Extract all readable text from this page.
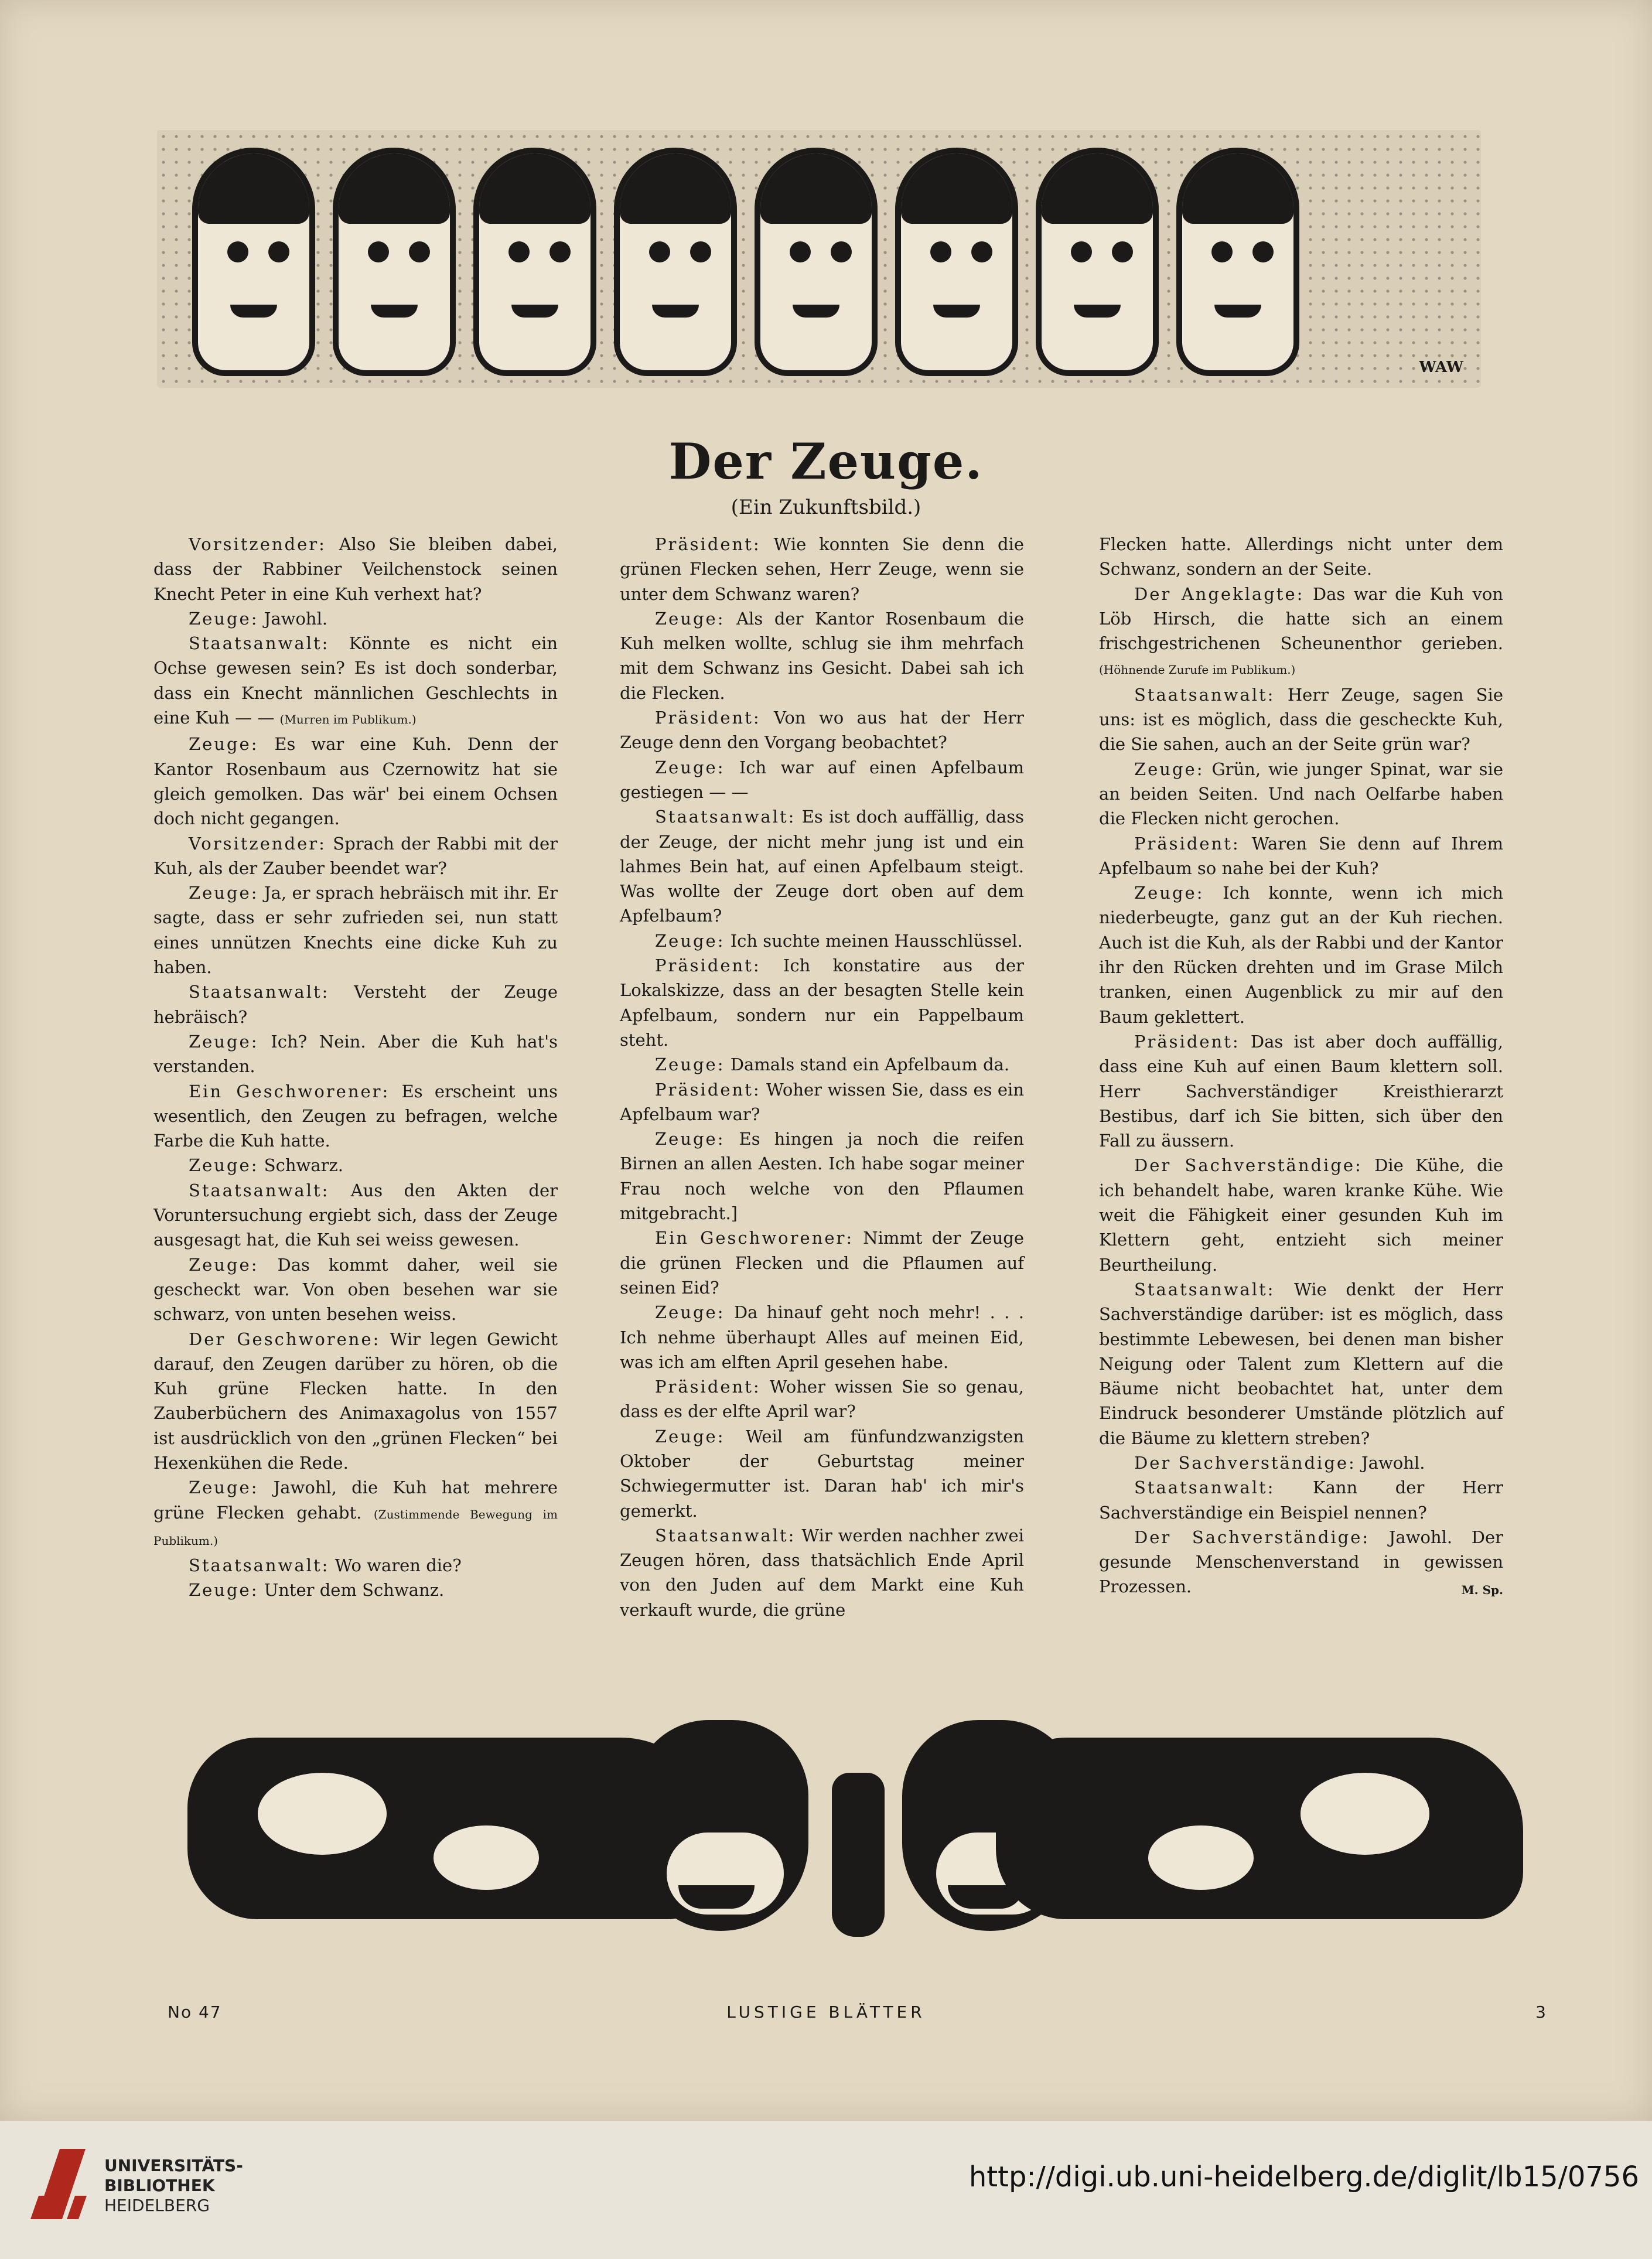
WAW
Der Zeuge.
(Ein Zukunftsbild.)

Vorsitzender: Also Sie bleiben dabei, dass der Rabbiner Veilchenstock seinen Knecht Peter in eine Kuh verhext hat?

Zeuge: Jawohl.

Staatsanwalt: Könnte es nicht ein Ochse gewesen sein? Es ist doch sonderbar, dass ein Knecht männlichen Geschlechts in eine Kuh — — (Murren im Publikum.)

Zeuge: Es war eine Kuh. Denn der Kantor Rosenbaum aus Czernowitz hat sie gleich gemolken. Das wär' bei einem Ochsen doch nicht gegangen.

Vorsitzender: Sprach der Rabbi mit der Kuh, als der Zauber beendet war?

Zeuge: Ja, er sprach hebräisch mit ihr. Er sagte, dass er sehr zufrieden sei, nun statt eines unnützen Knechts eine dicke Kuh zu haben.

Staatsanwalt: Versteht der Zeuge hebräisch?

Zeuge: Ich? Nein. Aber die Kuh hat's verstanden.

Ein Geschworener: Es erscheint uns wesentlich, den Zeugen zu befragen, welche Farbe die Kuh hatte.

Zeuge: Schwarz.

Staatsanwalt: Aus den Akten der Voruntersuchung ergiebt sich, dass der Zeuge ausgesagt hat, die Kuh sei weiss gewesen.

Zeuge: Das kommt daher, weil sie gescheckt war. Von oben besehen war sie schwarz, von unten besehen weiss.

Der Geschworene: Wir legen Gewicht darauf, den Zeugen darüber zu hören, ob die Kuh grüne Flecken hatte. In den Zauberbüchern des Animaxagolus von 1557 ist ausdrücklich von den „grünen Flecken“ bei Hexenkühen die Rede.

Zeuge: Jawohl, die Kuh hat mehrere grüne Flecken gehabt. (Zustimmende Bewegung im Publikum.)

Staatsanwalt: Wo waren die?

Zeuge: Unter dem Schwanz.

Präsident: Wie konnten Sie denn die grünen Flecken sehen, Herr Zeuge, wenn sie unter dem Schwanz waren?

Zeuge: Als der Kantor Rosenbaum die Kuh melken wollte, schlug sie ihm mehrfach mit dem Schwanz ins Gesicht. Dabei sah ich die Flecken.

Präsident: Von wo aus hat der Herr Zeuge denn den Vorgang beobachtet?

Zeuge: Ich war auf einen Apfelbaum gestiegen — —

Staatsanwalt: Es ist doch auffällig, dass der Zeuge, der nicht mehr jung ist und ein lahmes Bein hat, auf einen Apfelbaum steigt. Was wollte der Zeuge dort oben auf dem Apfelbaum?

Zeuge: Ich suchte meinen Hausschlüssel.

Präsident: Ich konstatire aus der Lokalskizze, dass an der besagten Stelle kein Apfelbaum, sondern nur ein Pappelbaum steht.

Zeuge: Damals stand ein Apfelbaum da.

Präsident: Woher wissen Sie, dass es ein Apfelbaum war?

Zeuge: Es hingen ja noch die reifen Birnen an allen Aesten. Ich habe sogar meiner Frau noch welche von den Pflaumen mitgebracht.]

Ein Geschworener: Nimmt der Zeuge die grünen Flecken und die Pflaumen auf seinen Eid?

Zeuge: Da hinauf geht noch mehr! . . . Ich nehme überhaupt Alles auf meinen Eid, was ich am elften April gesehen habe.

Präsident: Woher wissen Sie so genau, dass es der elfte April war?

Zeuge: Weil am fünfundzwanzigsten Oktober der Geburtstag meiner Schwiegermutter ist. Daran hab' ich mir's gemerkt.

Staatsanwalt: Wir werden nachher zwei Zeugen hören, dass thatsächlich Ende April von den Juden auf dem Markt eine Kuh verkauft wurde, die grüne

Flecken hatte. Allerdings nicht unter dem Schwanz, sondern an der Seite.

Der Angeklagte: Das war die Kuh von Löb Hirsch, die hatte sich an einem frischgestrichenen Scheunenthor gerieben. (Höhnende Zurufe im Publikum.)

Staatsanwalt: Herr Zeuge, sagen Sie uns: ist es möglich, dass die gescheckte Kuh, die Sie sahen, auch an der Seite grün war?

Zeuge: Grün, wie junger Spinat, war sie an beiden Seiten. Und nach Oelfarbe haben die Flecken nicht gerochen.

Präsident: Waren Sie denn auf Ihrem Apfelbaum so nahe bei der Kuh?

Zeuge: Ich konnte, wenn ich mich niederbeugte, ganz gut an der Kuh riechen. Auch ist die Kuh, als der Rabbi und der Kantor ihr den Rücken drehten und im Grase Milch tranken, einen Augenblick zu mir auf den Baum geklettert.

Präsident: Das ist aber doch auffällig, dass eine Kuh auf einen Baum klettern soll. Herr Sachverständiger Kreisthierarzt Bestibus, darf ich Sie bitten, sich über den Fall zu äussern.

Der Sachverständige: Die Kühe, die ich behandelt habe, waren kranke Kühe. Wie weit die Fähigkeit einer gesunden Kuh im Klettern geht, entzieht sich meiner Beurtheilung.

Staatsanwalt: Wie denkt der Herr Sachverständige darüber: ist es möglich, dass bestimmte Lebewesen, bei denen man bisher Neigung oder Talent zum Klettern auf die Bäume nicht beobachtet hat, unter dem Eindruck besonderer Umstände plötzlich auf die Bäume zu klettern streben?

Der Sachverständige: Jawohl.

Staatsanwalt: Kann der Herr Sachverständige ein Beispiel nennen?

Der Sachverständige: Jawohl. Der gesunde Menschenverstand in gewissen Prozessen.	M. Sp.

No 47	LUSTIGE BLÄTTER	3
UNIVERSITÄTS-
BIBLIOTHEK
HEIDELBERG
http://digi.ub.uni-heidelberg.de/diglit/lb15/0756
